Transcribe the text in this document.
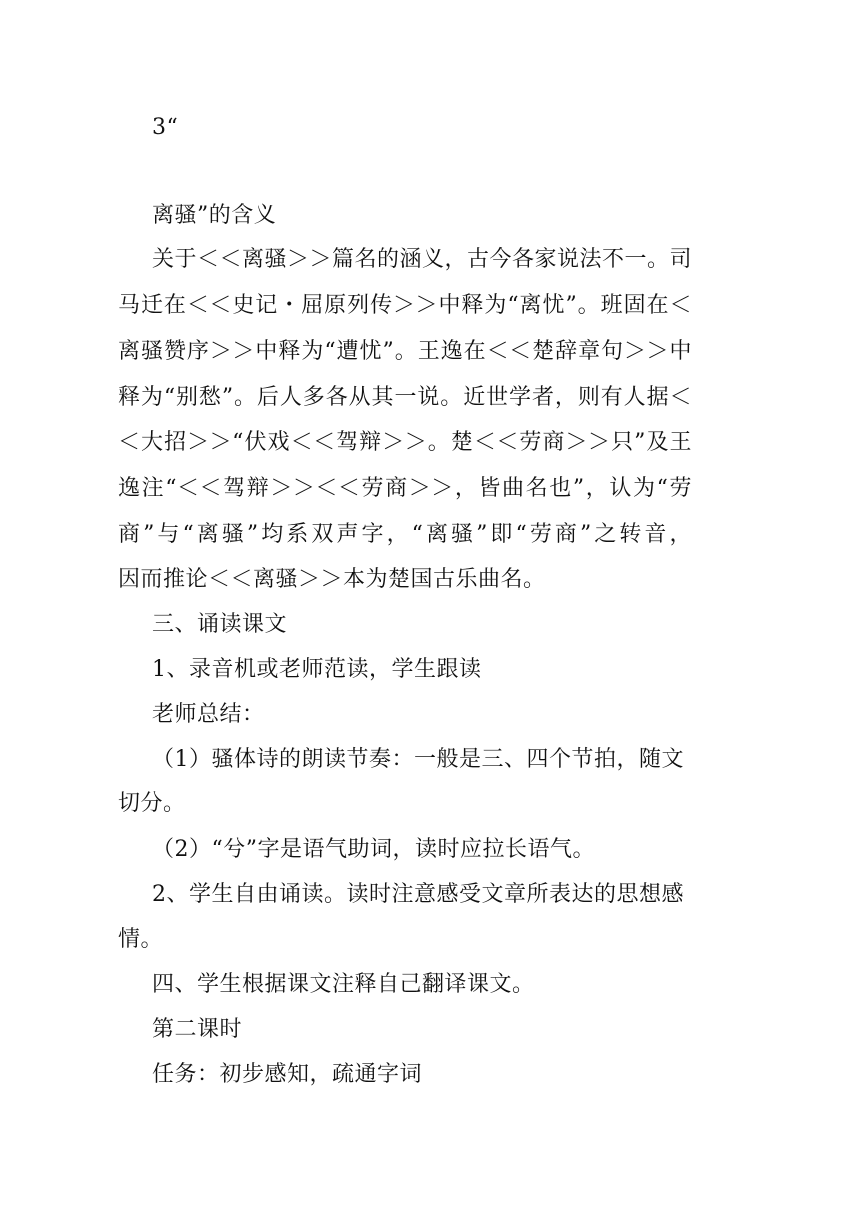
3“
离骚”的含义
关于＜＜离骚＞＞篇名的涵义，古今各家说法不一。司
马迁在＜＜史记・屈原列传＞＞中释为“离忧”。班固在＜
离骚赞序＞＞中释为“遭忧”。王逸在＜＜楚辞章句＞＞中
释为“别愁”。后人多各从其一说。近世学者，则有人据＜
＜大招＞＞“伏戏＜＜驾辩＞＞。楚＜＜劳商＞＞只”及王
逸注“＜＜驾辩＞＞＜＜劳商＞＞，皆曲名也”，认为“劳
商”与“离骚”均系双声字，“离骚”即“劳商”之转音，
因而推论＜＜离骚＞＞本为楚国古乐曲名。
三、诵读课文
1、录音机或老师范读，学生跟读
老师总结：
（1）骚体诗的朗读节奏：一般是三、四个节拍，随文
切分。
（2）“兮”字是语气助词，读时应拉长语气。
2、学生自由诵读。读时注意感受文章所表达的思想感
情。
四、学生根据课文注释自己翻译课文。
第二课时
任务：初步感知，疏通字词
